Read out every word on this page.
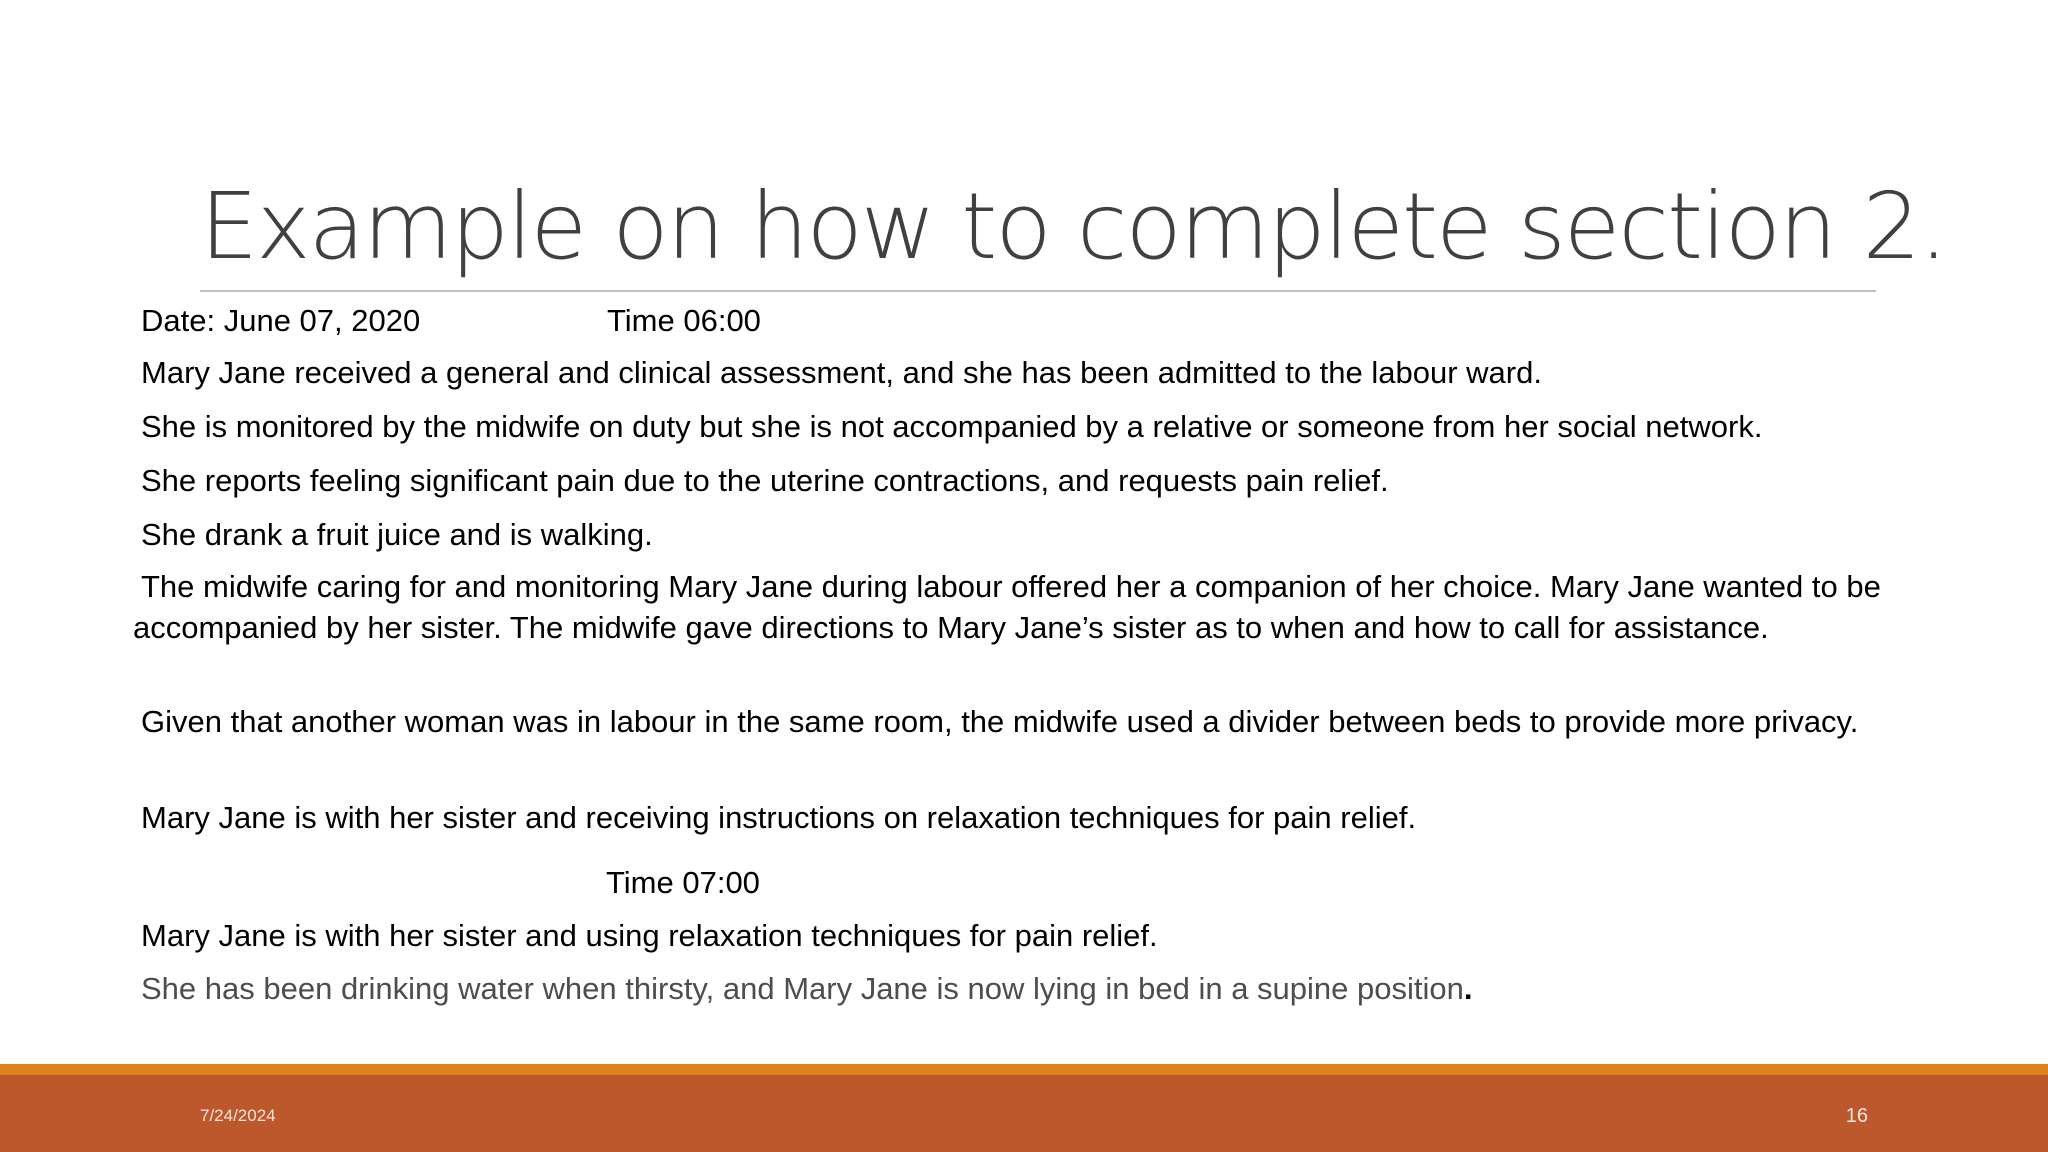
Example on how to complete section 2.
Date: June 07, 2020	Time 06:00
Mary Jane received a general and clinical assessment, and she has been admitted to the labour ward.
She is monitored by the midwife on duty but she is not accompanied by a relative or someone from her social network.
She reports feeling significant pain due to the uterine contractions, and requests pain relief.
She drank a fruit juice and is walking.
The midwife caring for and monitoring Mary Jane during labour offered her a companion of her choice. Mary Jane wanted to be accompanied by her sister. The midwife gave directions to Mary Jane’s sister as to when and how to call for assistance.
Given that another woman was in labour in the same room, the midwife used a divider between beds to provide more privacy.
Mary Jane is with her sister and receiving instructions on relaxation techniques for pain relief.
Time 07:00
Mary Jane is with her sister and using relaxation techniques for pain relief.
She has been drinking water when thirsty, and Mary Jane is now lying in bed in a supine position.
7/24/2024	16
